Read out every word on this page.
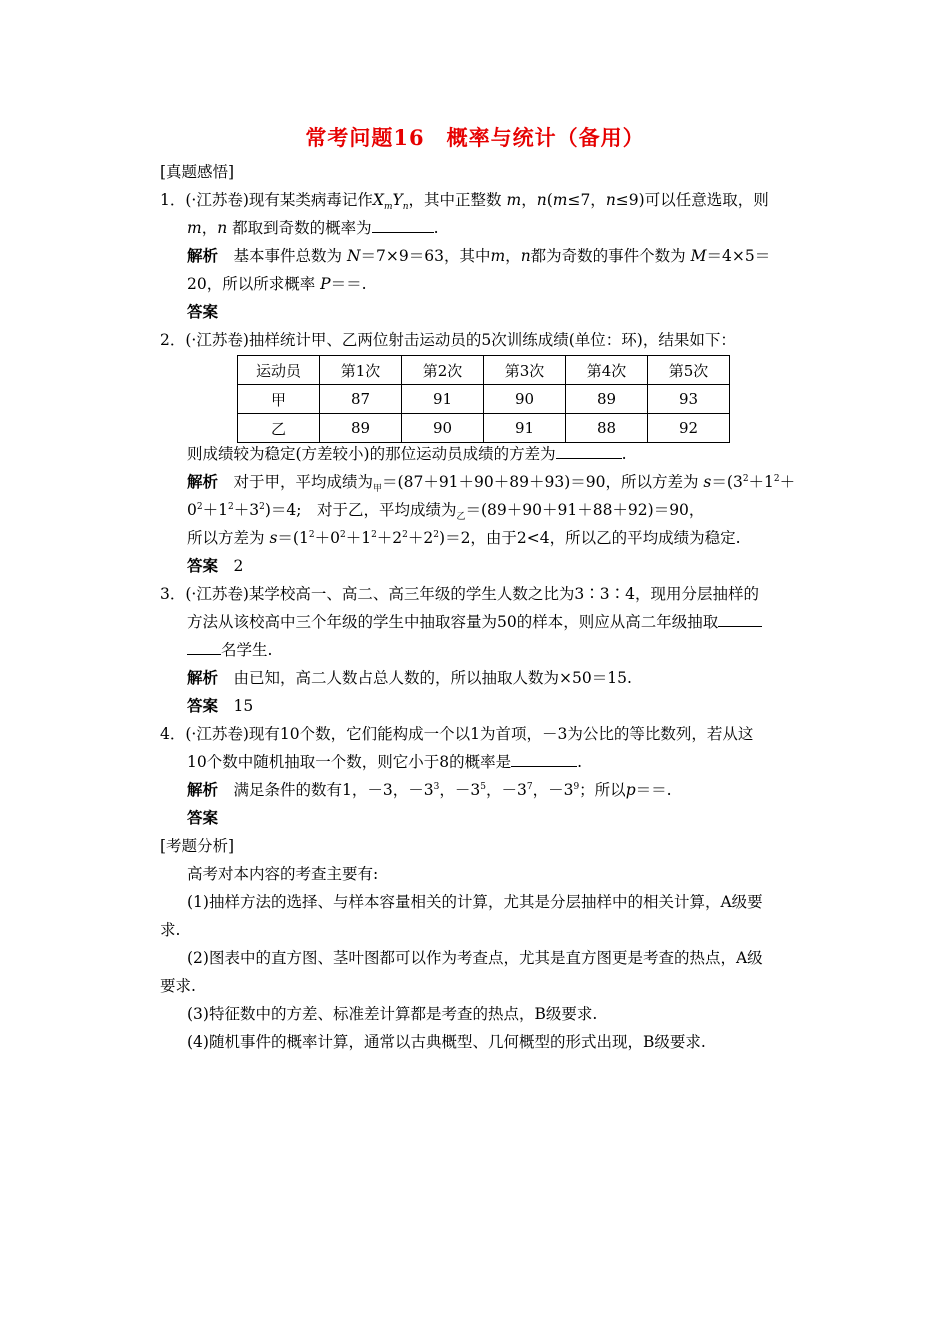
常考问题16　概率与统计（备用）
[真题感悟]
1．(·江苏卷)现有某类病毒记作$X_mY_n$，其中正整数 m，n(m≤7，n≤9)可以任意选取，则
m，n 都取到奇数的概率为	.
解析　基本事件总数为 N＝7×9＝63，其中m，n都为奇数的事件个数为 M＝4×5＝
20，所以所求概率 P＝＝.
答案
2．(·江苏卷)抽样统计甲、乙两位射击运动员的5次训练成绩(单位：环)，结果如下：
运动员	第1次	第2次	第3次	第4次	第5次
甲	87	91	90	89	93
乙	89	90	91	88	92
则成绩较为稳定(方差较小)的那位运动员成绩的方差为	.
解析　对于甲，平均成绩为$_甲$＝(87＋91＋90＋89＋93)＝90，所以方差为 $s=(3^2+1^2+$
$0^2+1^2+3^2)=4$;　对于乙，平均成绩为$_乙$＝(89＋90＋91＋88＋92)＝90，
所以方差为 $s=(1^2+0^2+1^2+2^2+2^2)=2$，由于2<4，所以乙的平均成绩为稳定.
答案　2
3．(·江苏卷)某学校高一、高二、高三年级的学生人数之比为3∶3∶4，现用分层抽样的
方法从该校高中三个年级的学生中抽取容量为50的样本，则应从高二年级抽取
名学生.
解析　由已知，高二人数占总人数的，所以抽取人数为×50＝15.
答案　15
4．(·江苏卷)现有10个数，它们能构成一个以1为首项，－3为公比的等比数列，若从这
10个数中随机抽取一个数，则它小于8的概率是	.
解析　满足条件的数有1，－3，$-3^3$，$-3^5$，$-3^7$，$-3^9$；所以p＝＝.
答案
[考题分析]
高考对本内容的考查主要有:
(1)抽样方法的选择、与样本容量相关的计算，尤其是分层抽样中的相关计算，A级要
求.
(2)图表中的直方图、茎叶图都可以作为考查点，尤其是直方图更是考查的热点，A级
要求.
(3)特征数中的方差、标准差计算都是考查的热点，B级要求.
(4)随机事件的概率计算，通常以古典概型、几何概型的形式出现，B级要求.
